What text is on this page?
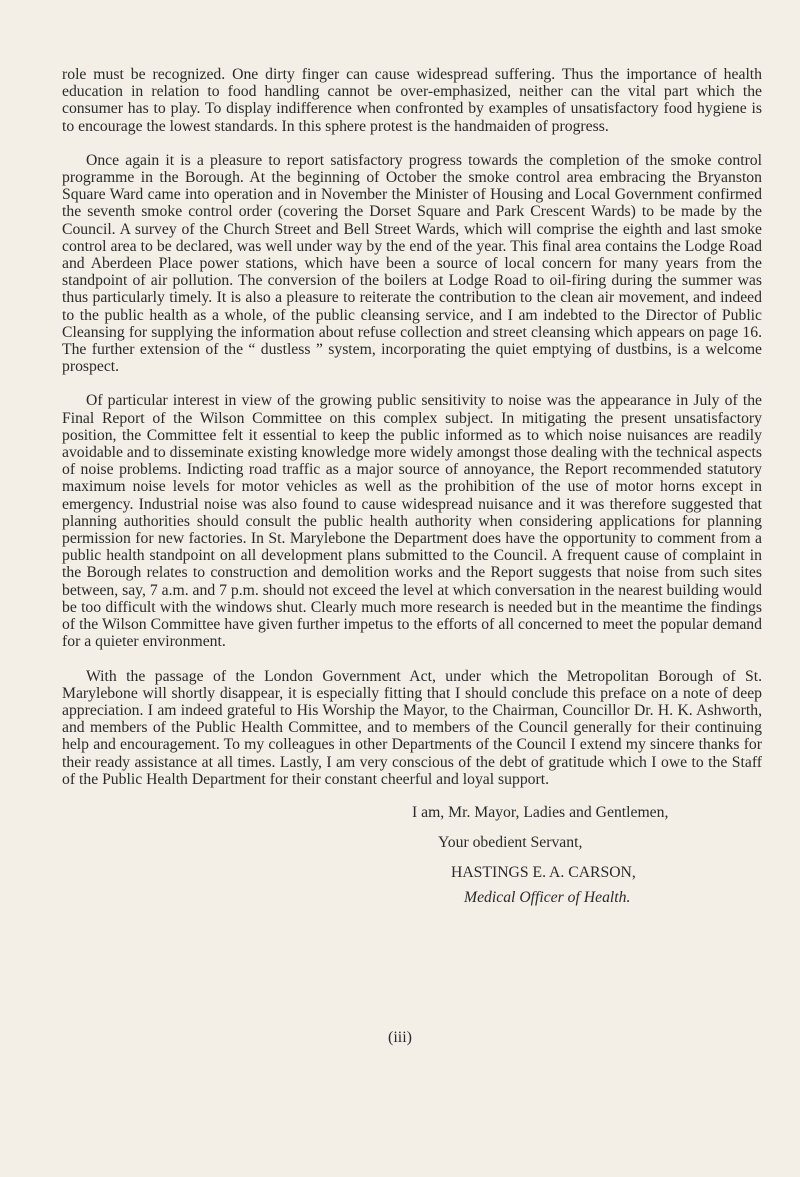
role must be recognized. One dirty finger can cause widespread suffering. Thus the importance of health education in relation to food handling cannot be over-emphasized, neither can the vital part which the consumer has to play. To display indifference when confronted by examples of unsatisfactory food hygiene is to encourage the lowest standards. In this sphere protest is the handmaiden of progress.

Once again it is a pleasure to report satisfactory progress towards the completion of the smoke control programme in the Borough. At the beginning of October the smoke control area embracing the Bryanston Square Ward came into operation and in November the Minister of Housing and Local Government confirmed the seventh smoke control order (covering the Dorset Square and Park Crescent Wards) to be made by the Council. A survey of the Church Street and Bell Street Wards, which will comprise the eighth and last smoke control area to be declared, was well under way by the end of the year. This final area contains the Lodge Road and Aberdeen Place power stations, which have been a source of local concern for many years from the standpoint of air pollution. The conversion of the boilers at Lodge Road to oil-firing during the summer was thus particularly timely. It is also a pleasure to reiterate the contribution to the clean air movement, and indeed to the public health as a whole, of the public cleansing service, and I am indebted to the Director of Public Cleansing for supplying the information about refuse collection and street cleansing which appears on page 16. The further extension of the “ dustless ” system, incorporating the quiet emptying of dustbins, is a welcome prospect.

Of particular interest in view of the growing public sensitivity to noise was the appearance in July of the Final Report of the Wilson Committee on this complex subject. In mitigating the present unsatisfactory position, the Committee felt it essential to keep the public informed as to which noise nuisances are readily avoidable and to disseminate existing knowledge more widely amongst those dealing with the technical aspects of noise problems. Indicting road traffic as a major source of annoyance, the Report recommended statutory maximum noise levels for motor vehicles as well as the prohibition of the use of motor horns except in emergency. Industrial noise was also found to cause widespread nuisance and it was therefore suggested that planning authorities should consult the public health authority when considering applications for planning permission for new factories. In St. Marylebone the Department does have the opportunity to comment from a public health standpoint on all development plans submitted to the Council. A frequent cause of complaint in the Borough relates to construction and demolition works and the Report suggests that noise from such sites between, say, 7 a.m. and 7 p.m. should not exceed the level at which conversation in the nearest building would be too difficult with the windows shut. Clearly much more research is needed but in the meantime the findings of the Wilson Committee have given further impetus to the efforts of all concerned to meet the popular demand for a quieter environment.

With the passage of the London Government Act, under which the Metropolitan Borough of St. Marylebone will shortly disappear, it is especially fitting that I should conclude this preface on a note of deep appreciation. I am indeed grateful to His Worship the Mayor, to the Chairman, Councillor Dr. H. K. Ashworth, and members of the Public Health Committee, and to members of the Council generally for their continuing help and encouragement. To my colleagues in other Departments of the Council I extend my sincere thanks for their ready assistance at all times. Lastly, I am very conscious of the debt of gratitude which I owe to the Staff of the Public Health Department for their constant cheerful and loyal support.

I am, Mr. Mayor, Ladies and Gentlemen,
Your obedient Servant,
HASTINGS E. A. CARSON,
Medical Officer of Health.
(iii)
